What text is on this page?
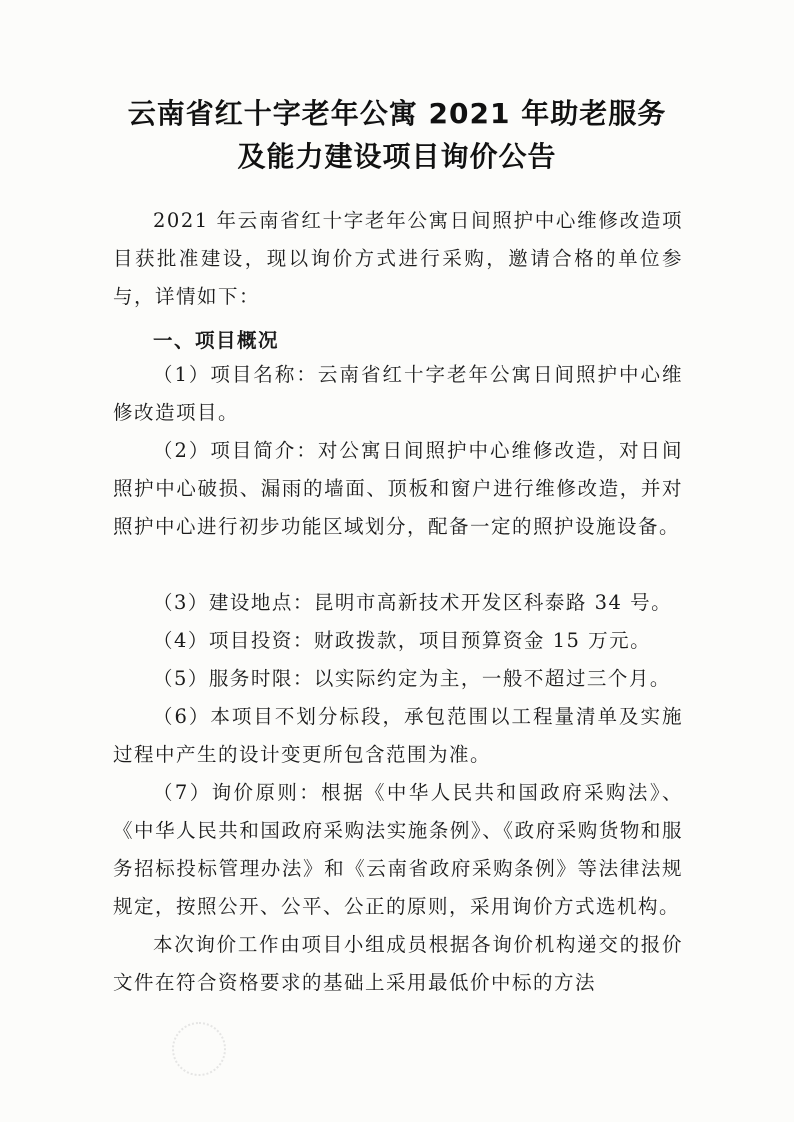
云南省红十字老年公寓 2021 年助老服务
及能力建设项目询价公告

2021 年云南省红十字老年公寓日间照护中心维修改造项目获批准建设，现以询价方式进行采购，邀请合格的单位参与，详情如下：

一、项目概况

（1）项目名称：云南省红十字老年公寓日间照护中心维修改造项目。

（2）项目简介：对公寓日间照护中心维修改造，对日间照护中心破损、漏雨的墙面、顶板和窗户进行维修改造，并对照护中心进行初步功能区域划分，配备一定的照护设施设备。

（3）建设地点：昆明市高新技术开发区科泰路 34 号。

（4）项目投资：财政拨款，项目预算资金 15 万元。

（5）服务时限：以实际约定为主，一般不超过三个月。

（6）本项目不划分标段，承包范围以工程量清单及实施过程中产生的设计变更所包含范围为准。

（7）询价原则：根据《中华人民共和国政府采购法》、《中华人民共和国政府采购法实施条例》、《政府采购货物和服务招标投标管理办法》和《云南省政府采购条例》等法律法规规定，按照公开、公平、公正的原则，采用询价方式选机构。

本次询价工作由项目小组成员根据各询价机构递交的报价文件在符合资格要求的基础上采用最低价中标的方法
